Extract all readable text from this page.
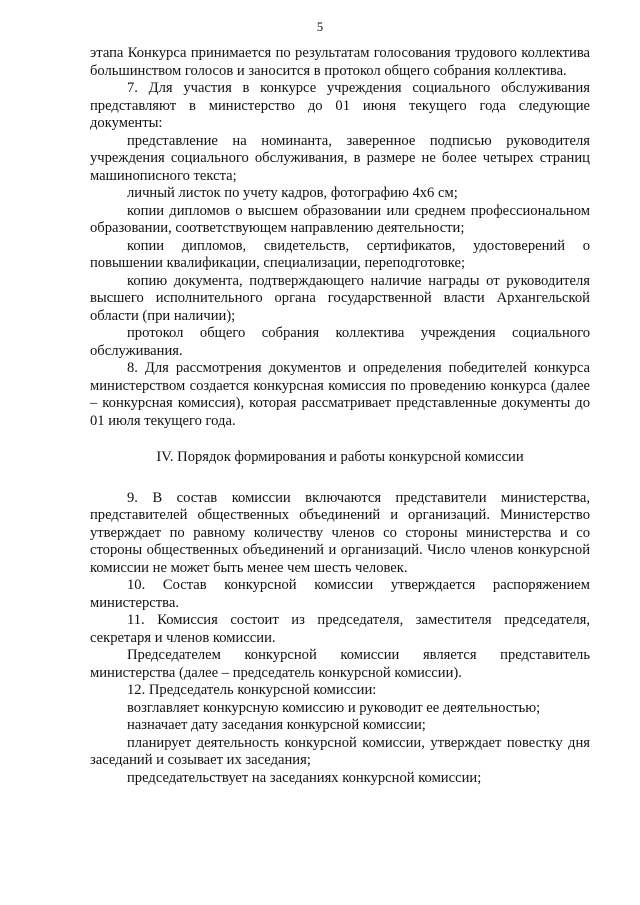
5

этапа Конкурса принимается по результатам голосования трудового коллектива большинством голосов и заносится в протокол общего собрания коллектива.

7. Для участия в конкурсе учреждения социального обслуживания представляют в министерство до 01 июня текущего года следующие документы:

представление на номинанта, заверенное подписью руководителя учреждения социального обслуживания, в размере не более четырех страниц машинописного текста;

личный листок по учету кадров, фотографию 4x6 см;

копии дипломов о высшем образовании или среднем профессиональном образовании, соответствующем направлению деятельности;

копии дипломов, свидетельств, сертификатов, удостоверений о повышении квалификации, специализации, переподготовке;

копию документа, подтверждающего наличие награды от руководителя высшего исполнительного органа государственной власти Архангельской области (при наличии);

протокол общего собрания коллектива учреждения социального обслуживания.

8. Для рассмотрения документов и определения победителей конкурса министерством создается конкурсная комиссия по проведению конкурса (далее – конкурсная комиссия), которая рассматривает представленные документы до 01 июля текущего года.

IV. Порядок формирования и работы конкурсной комиссии

9. В состав комиссии включаются представители министерства, представителей общественных объединений и организаций. Министерство утверждает по равному количеству членов со стороны министерства и со стороны общественных объединений и организаций. Число членов конкурсной комиссии не может быть менее чем шесть человек.

10. Состав конкурсной комиссии утверждается распоряжением министерства.

11. Комиссия состоит из председателя, заместителя председателя, секретаря и членов комиссии.

Председателем конкурсной комиссии является представитель министерства (далее – председатель конкурсной комиссии).

12. Председатель конкурсной комиссии:

возглавляет конкурсную комиссию и руководит ее деятельностью;

назначает дату заседания конкурсной комиссии;

планирует деятельность конкурсной комиссии, утверждает повестку дня заседаний и созывает их заседания;

председательствует на заседаниях конкурсной комиссии;
